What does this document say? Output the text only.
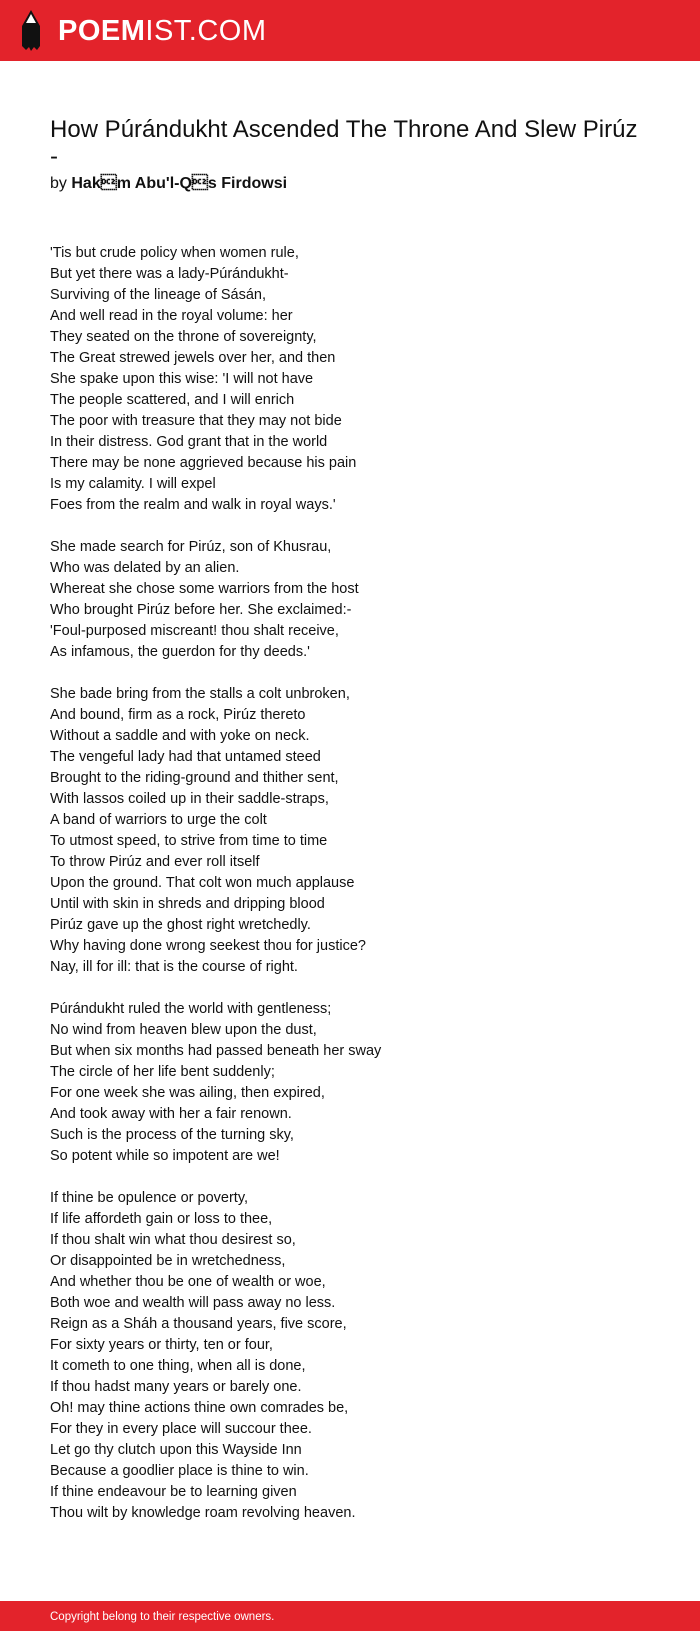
POEMIST.COM
How Púrándukht Ascended The Throne And Slew Pirúz -
by Hakm Abu'l-Qs Firdowsi
'Tis but crude policy when women rule,
But yet there was a lady-Púrándukht-
Surviving of the lineage of Sásán,
And well read in the royal volume: her
They seated on the throne of sovereignty,
The Great strewed jewels over her, and then
She spake upon this wise: 'I will not have
The people scattered, and I will enrich
The poor with treasure that they may not bide
In their distress. God grant that in the world
There may be none aggrieved because his pain
Is my calamity. I will expel
Foes from the realm and walk in royal ways.'
She made search for Pirúz, son of Khusrau,
Who was delated by an alien.
Whereat she chose some warriors from the host
Who brought Pirúz before her. She exclaimed:-
'Foul-purposed miscreant! thou shalt receive,
As infamous, the guerdon for thy deeds.'
She bade bring from the stalls a colt unbroken,
And bound, firm as a rock, Pirúz thereto
Without a saddle and with yoke on neck.
The vengeful lady had that untamed steed
Brought to the riding-ground and thither sent,
With lassos coiled up in their saddle-straps,
A band of warriors to urge the colt
To utmost speed, to strive from time to time
To throw Pirúz and ever roll itself
Upon the ground. That colt won much applause
Until with skin in shreds and dripping blood
Pirúz gave up the ghost right wretchedly.
Why having done wrong seekest thou for justice?
Nay, ill for ill: that is the course of right.
Púrándukht ruled the world with gentleness;
No wind from heaven blew upon the dust,
But when six months had passed beneath her sway
The circle of her life bent suddenly;
For one week she was ailing, then expired,
And took away with her a fair renown.
Such is the process of the turning sky,
So potent while so impotent are we!
If thine be opulence or poverty,
If life affordeth gain or loss to thee,
If thou shalt win what thou desirest so,
Or disappointed be in wretchedness,
And whether thou be one of wealth or woe,
Both woe and wealth will pass away no less.
Reign as a Sháh a thousand years, five score,
For sixty years or thirty, ten or four,
It cometh to one thing, when all is done,
If thou hadst many years or barely one.
Oh! may thine actions thine own comrades be,
For they in every place will succour thee.
Let go thy clutch upon this Wayside Inn
Because a goodlier place is thine to win.
If thine endeavour be to learning given
Thou wilt by knowledge roam revolving heaven.
Copyright belong to their respective owners.
